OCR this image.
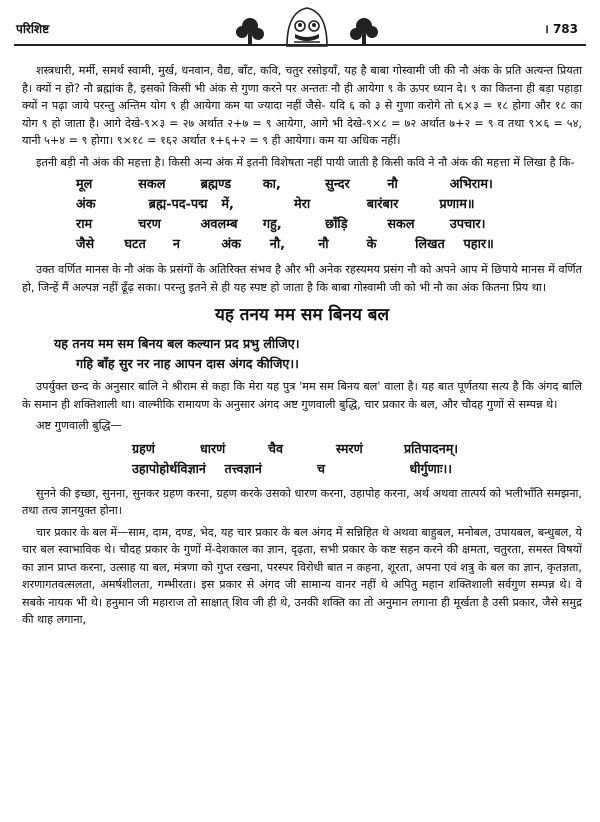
परिशिष्ट	। 783

शस्त्रधारी, मर्मी, समर्थ स्वामी, मुर्ख, धनवान, वैद्य, बाँट, कवि, चतुर रसोइयाँ, यह है बाबा गोस्वामी जी की नौ अंक के प्रति अत्यन्त प्रियता है। क्यों न हो? नौ ब्रह्मांक है, इसको किसी भी अंक से गुणा करने पर अन्ततः नौ ही आयेगा ९ के ऊपर ध्यान दे। ९ का कितना ही बड़ा पहाड़ा क्यों न पढ़ा जाये परन्तु अन्तिम योग ९ ही आयेगा कम या ज्यादा नहीं जैसे- यदि ६ को ३ से गुणा करोगे तो ६×३ = १८ होगा और १८ का योग ९ हो जाता है। आगे देखे-९×३ = २७ अर्थात २+७ = ९ आयेगा, आगे भी देखे-९×८ = ७२ अर्थात ७+२ = ९ व तथा ९×६ = ५४, यानी ५+४ = ९ होगा। ९×१८ = १६२ अर्थात १+६+२ = ९ ही आयेगा। कम या अधिक नहीं।

इतनी बड़ी नौ अंक की महत्ता है। किसी अन्य अंक में इतनी विशेषता नहीं पायी जाती है किसी कवि ने नौ अंक की महत्ता में लिखा है कि-

मूल	सकल	ब्रह्मण्ड	का,	सुन्दर	नौ	अभिराम।
अंक	ब्रह्म-पद-पद्म	में,	मेरा	बारंबार	प्रणाम॥
राम	चरण	अवलम्ब	गहु,	छाँड़ि	सकल	उपचार।
जैसे	घटत	न	अंक	नौ,	नौ	के	लिखत	पहार॥

उक्त वर्णित मानस के नौ अंक के प्रसंगों के अतिरिक्त संभव है और भी अनेक रहस्यमय प्रसंग नौ को अपने आप में छिपाये मानस में वर्णित हो, जिन्हें मैं अल्पज्ञ नहीं ढूँढ़ सका। परन्तु इतने से ही यह स्पष्ट हो जाता है कि बाबा गोस्वामी जी को भी नौ का अंक कितना प्रिय था।

यह तनय मम सम बिनय बल
यह तनय मम सम बिनय बल कल्यान प्रद प्रभु लीजिए।
गहि बाँह सुर नर नाह आपन दास अंगद कीजिए।।

उपर्युक्त छन्द के अनुसार बालि ने श्रीराम से कहा कि मेरा यह पुत्र 'मम सम बिनय बल' वाला है। यह बात पूर्णतया सत्य है कि अंगद बालि के समान ही शक्तिशाली था। वाल्मीकि रामायण के अनुसार अंगद अष्ट गुणवाली बुद्धि, चार प्रकार के बल, और चौदह गुणों से सम्पन्न थे।

अष्ट गुणवाली बुद्धि—

ग्रहणं	धारणं	चैव	स्मरणं	प्रतिपादनम्।
उहापोहोर्थविज्ञानं	तत्त्वज्ञानं	च	धीर्गुणाः।।

सुनने की इच्छा, सुनना, सुनकर ग्रहण करना, ग्रहण करके उसको धारण करना, उहापोह करना, अर्थ अथवा तात्पर्य को भलीभाँति समझना, तथा तत्व ज्ञानयुक्त होना।

चार प्रकार के बल में—साम, दाम, दण्ड, भेद, यह चार प्रकार के बल अंगद में सन्निहित थे अथवा बाहुबल, मनोबल, उपायबल, बन्धुबल, ये चार बल स्वाभाविक थे। चौदह प्रकार के गुणों में-देशकाल का ज्ञान, दृढ़ता, सभी प्रकार के कष्ट सहन करने की क्षमता, चतुरता, समस्त विषयों का ज्ञान प्राप्त करना, उत्साह या बल, मंत्रणा को गुप्त रखना, परस्पर विरोधी बात न कहना, शूरता, अपना एवं शत्रु के बल का ज्ञान, कृतज्ञता, शरणागतवत्सलता, अमर्षशीलता, गम्भीरता। इस प्रकार से अंगद जी सामान्य वानर नहीं थे अपितु महान शक्तिशाली सर्वगुण सम्पन्न थे। वे सबके नायक भी थे। हनुमान जी महाराज तो साक्षात् शिव जी ही थे, उनकी शक्ति का तो अनुमान लगाना ही मूर्खता है उसी प्रकार, जैसे समुद्र की थाह लगाना,
